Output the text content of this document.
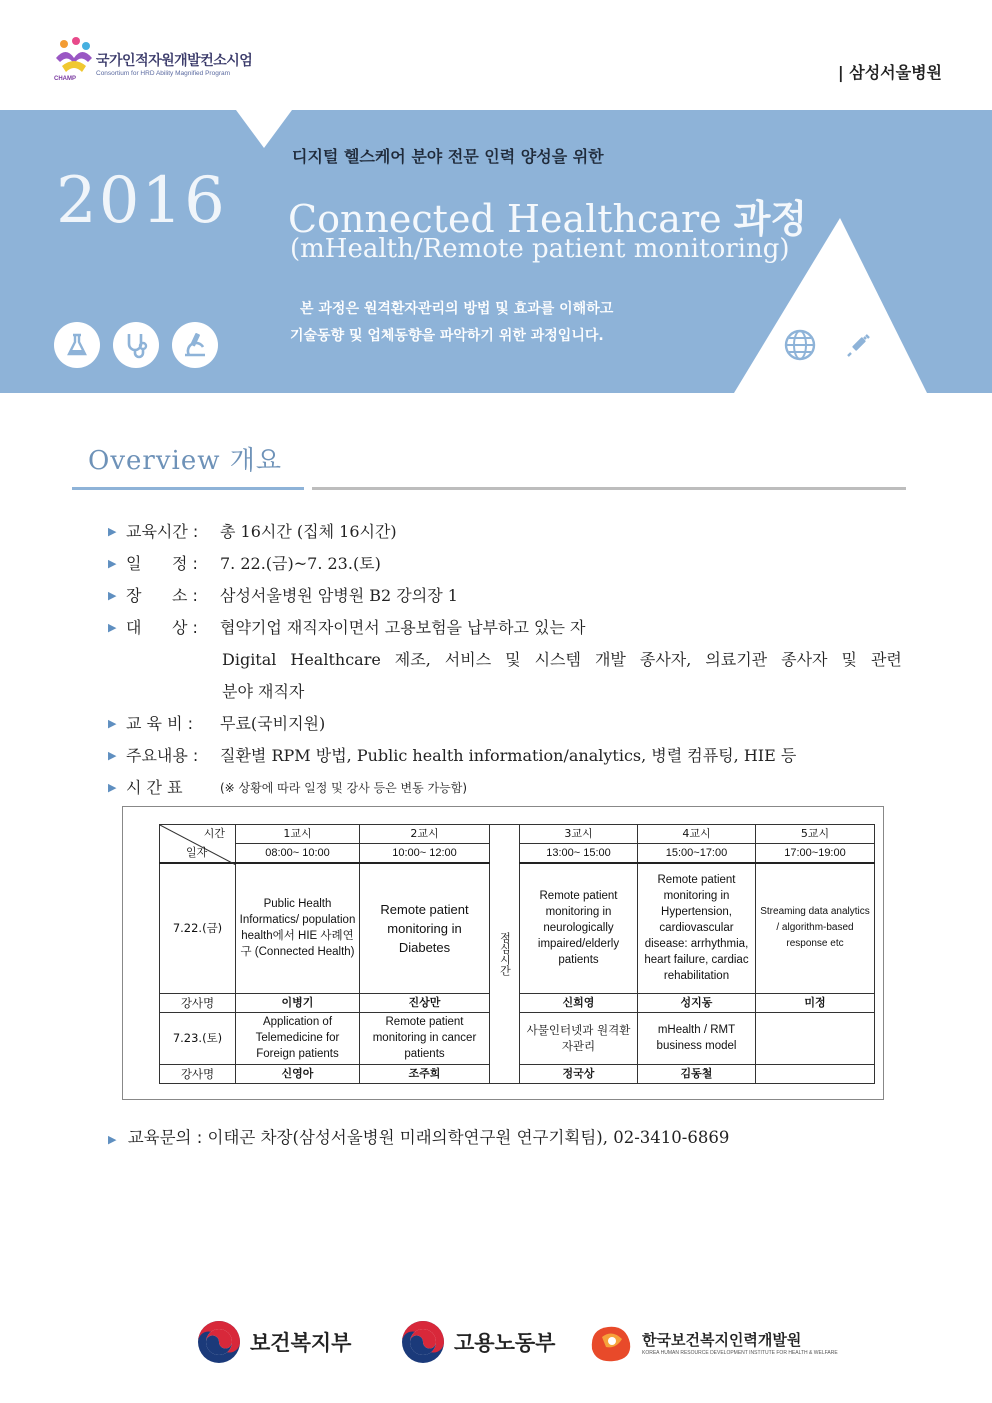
CHAMP
국가인적자원개발컨소시엄
Consortium for HRD Ability Magnified Program	| 삼성서울병원
2016
디지털 헬스케어 분야 전문 인력 양성을 위한
Connected Healthcare 과정
(mHealth/Remote patient monitoring)
본 과정은 원격환자관리의 방법 및 효과를 이해하고
기술동향 및 업체동향을 파악하기 위한 과정입니다.
Overview 개요
▶ 교육시간 : 총 16시간 (집체 16시간)
▶ 일      정 : 7. 22.(금)~7. 23.(토)
▶ 장      소 : 삼성서울병원 암병원 B2 강의장 1
▶ 대      상 : 협약기업 재직자이면서 고용보험을 납부하고 있는 자
Digital Healthcare 제조, 서비스 및 시스템 개발 종사자, 의료기관 종사자 및 관련
분야 재직자
▶ 교 육 비 : 무료(국비지원)
▶ 주요내용 : 질환별 RPM 방법, Public health information/analytics, 병렬 컴퓨팅, HIE 등
▶ 시 간 표	(※ 상황에 따라 일정 및 강사 등은 변동 가능함)
시간
일자	1교시	2교시	점심시간	3교시	4교시	5교시
	08:00~ 10:00	10:00~ 12:00		13:00~ 15:00	15:00~17:00	17:00~19:00
7.22.(금)	Public Health Informatics/ population health에서 HIE 사례연구 (Connected Health)	Remote patient monitoring in Diabetes		Remote patient monitoring in neurologically impaired/elderly patients	Remote patient monitoring in Hypertension, cardiovascular disease: arrhythmia, heart failure, cardiac rehabilitation	Streaming data analytics / algorithm-based response etc
강사명	이병기	진상만		신희영	성지동	미정
7.23.(토)	Application of Telemedicine for Foreign patients	Remote patient monitoring in cancer patients		사물인터넷과 원격환자관리	mHealth / RMT business model	
강사명	신영아	조주희		정국상	김동철	
▶ 교육문의 : 이태곤 차장(삼성서울병원 미래의학연구원 연구기획팀), 02-3410-6869
보건복지부	고용노동부	한국보건복지인력개발원
KOREA HUMAN RESOURCE DEVELOPMENT INSTITUTE FOR HEALTH & WELFARE
